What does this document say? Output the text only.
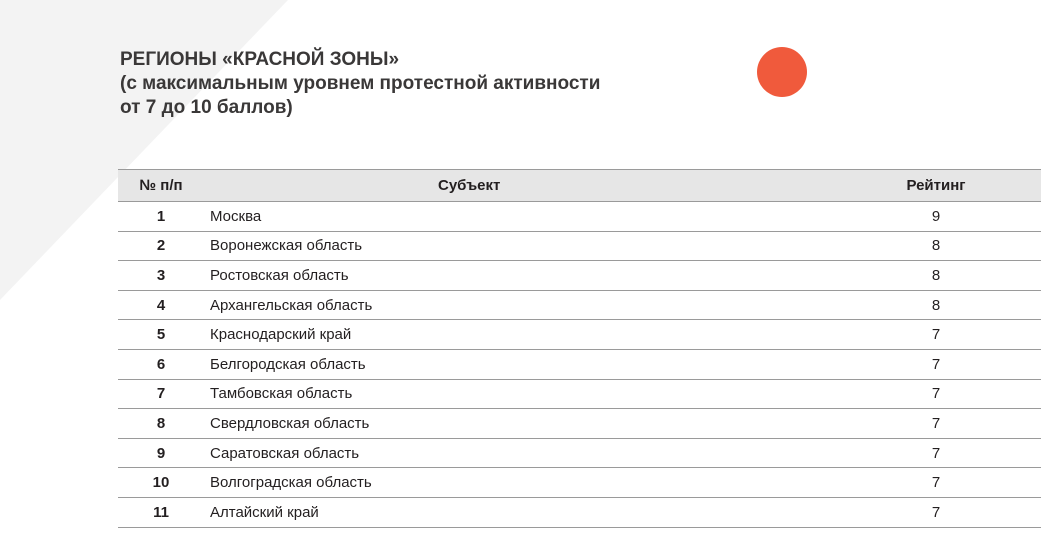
РЕГИОНЫ «КРАСНОЙ ЗОНЫ»
(с максимальным уровнем протестной активности
от 7 до 10 баллов)
№ п/п	Субъект	Рейтинг
1	Москва	9
2	Воронежская область	8
3	Ростовская область	8
4	Архангельская область	8
5	Краснодарский край	7
6	Белгородская область	7
7	Тамбовская область	7
8	Свердловская область	7
9	Саратовская область	7
10	Волгоградская область	7
11	Алтайский край	7
